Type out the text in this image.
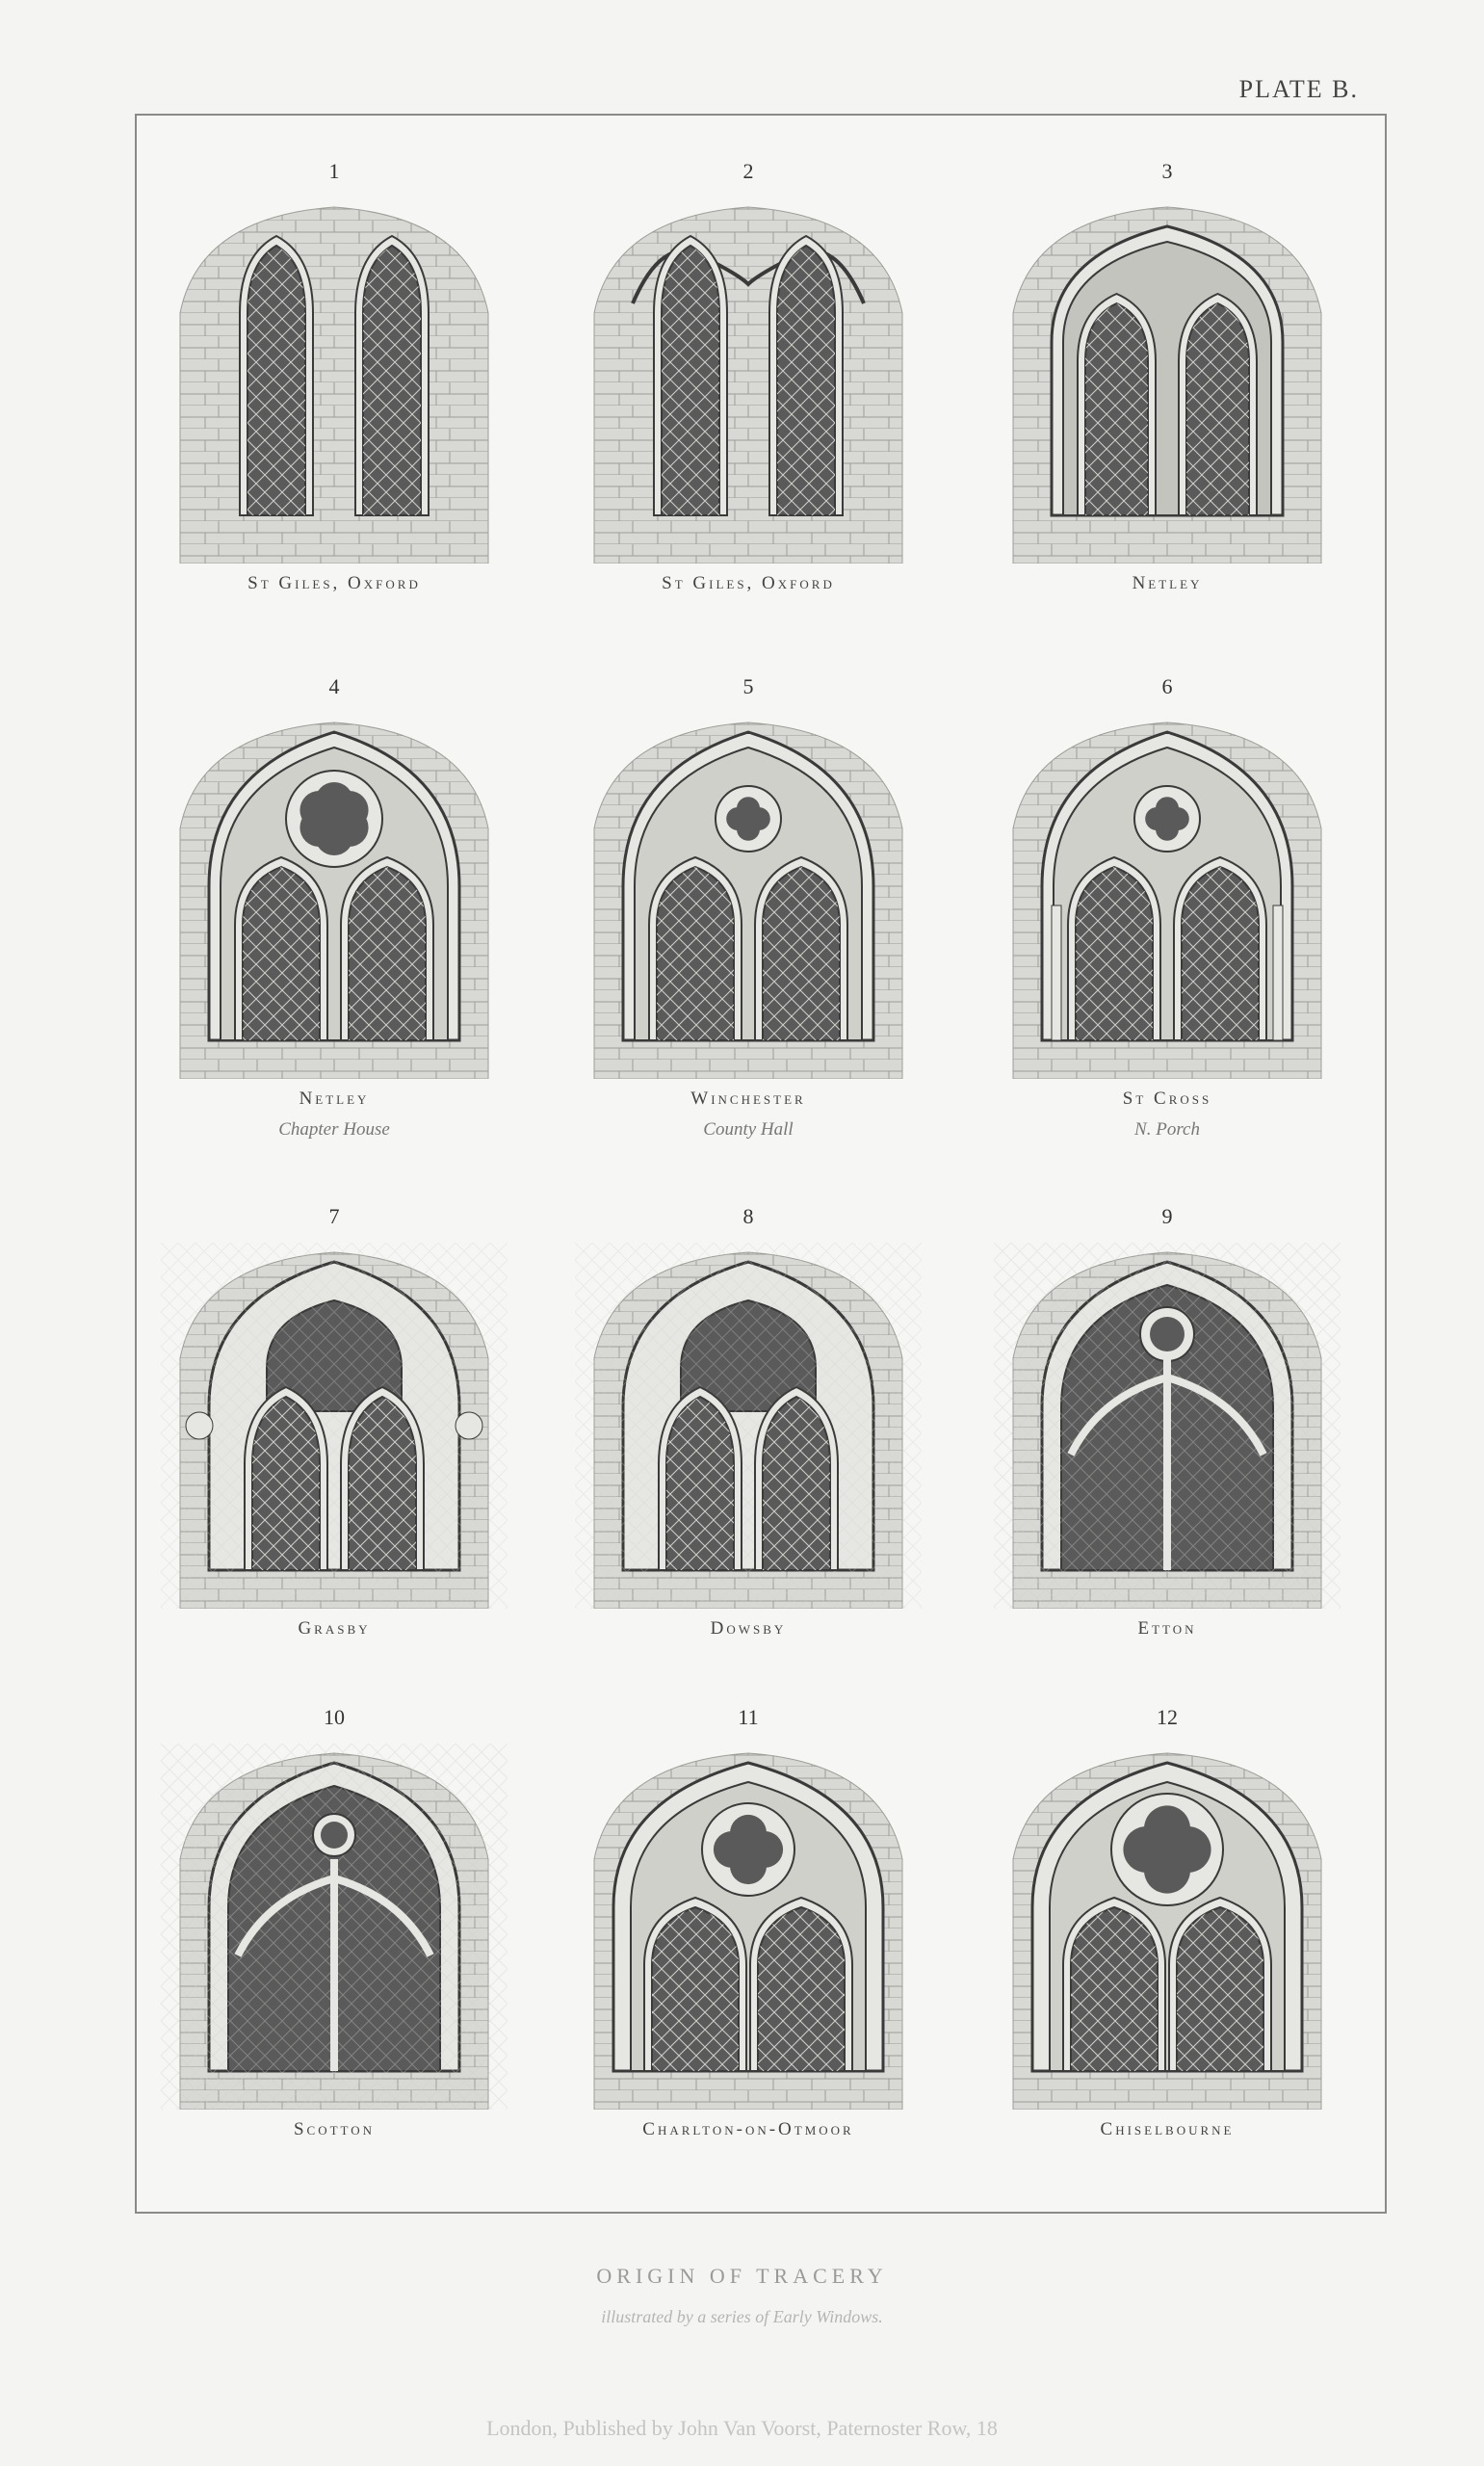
PLATE B.
1
St Giles, Oxford
2
St Giles, Oxford
3
Netley
4
Netley
Chapter House
5
Winchester
County Hall
6
St Cross
N. Porch
7
Grasby
8
Dowsby
9
Etton
10
Scotton
11
Charlton-on-Otmoor
12
Chiselbourne
ORIGIN OF TRACERY
illustrated by a series of Early Windows.
London, Published by John Van Voorst, Paternoster Row, 18
